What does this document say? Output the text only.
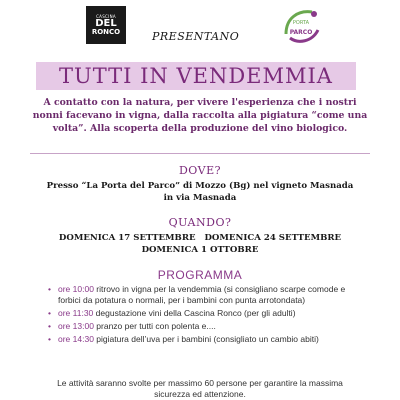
CASCINA
DEL
RONCO	PRESENTANO
PORTA
PARCO
TUTTI IN VENDEMMIA
A contatto con la natura, per vivere l'esperienza che i nostri nonni facevano in vigna, dalla raccolta alla pigiatura “come una volta”. Alla scoperta della produzione del vino biologico.
DOVE?
Presso “La Porta del Parco” di Mozzo (Bg) nel vigneto Masnada
in via Masnada
QUANDO?
DOMENICA 17 SETTEMBRE   DOMENICA 24 SETTEMBRE
DOMENICA 1 OTTOBRE
PROGRAMMA
• ore 10:00 ritrovo in vigna per la vendemmia (si consigliano scarpe comode e forbici da potatura o normali, per i bambini con punta arrotondata)
• ore 11:30 degustazione vini della Cascina Ronco (per gli adulti)
• ore 13:00 pranzo per tutti con polenta e....
• ore 14:30 pigiatura dell’uva per i bambini (consigliato un cambio abiti)
Le attività saranno svolte per massimo 60 persone per garantire la massima sicurezza ed attenzione.
